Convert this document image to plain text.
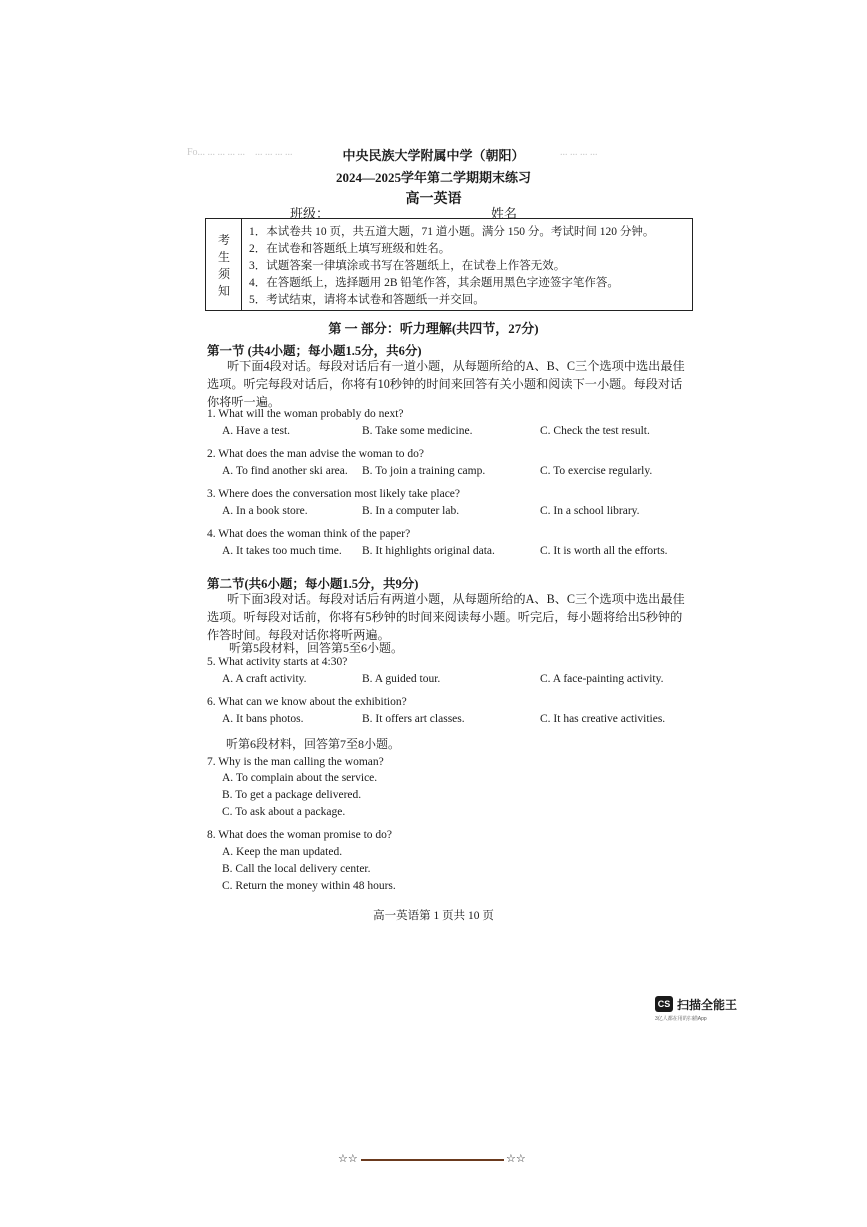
Fo... ... ... ... ...    ... ... ... ...	... ... ... ...
中央民族大学附属中学（朝阳）
2024—2025学年第二学期期末练习
高一英语
班级：	姓名
考
生
须
知
1．本试卷共 10 页，共五道大题，71 道小题。满分 150 分。考试时间 120 分钟。
2．在试卷和答题纸上填写班级和姓名。
3．试题答案一律填涂或书写在答题纸上，在试卷上作答无效。
4．在答题纸上，选择题用 2B 铅笔作答，其余题用黑色字迹签字笔作答。
5．考试结束，请将本试卷和答题纸一并交回。
第 一 部分：听力理解(共四节，27分)
第一节 (共4小题；每小题1.5分，共6分)
听下面4段对话。每段对话后有一道小题，从每题所给的A、B、C三个选项中选出最佳选项。听完每段对话后，你将有10秒钟的时间来回答有关小题和阅读下一小题。每段对话你将听一遍。
1. What will the woman probably do next?
A. Have a test.	B. Take some medicine.	C. Check the test result.
2. What does the man advise the woman to do?
A. To find another ski area. B. To join a training camp.	C. To exercise regularly.
3. Where does the conversation most likely take place?
A. In a book store.	B. In a computer lab.	C. In a school library.
4. What does the woman think of the paper?
A. It takes too much time. B. It highlights original data.	C. It is worth all the efforts.
第二节(共6小题；每小题1.5分，共9分)
听下面3段对话。每段对话后有两道小题，从每题所给的A、B、C三个选项中选出最佳选项。听每段对话前，你将有5秒钟的时间来阅读每小题。听完后，每小题将给出5秒钟的作答时间。每段对话你将听两遍。
听第5段材料，回答第5至6小题。
5. What activity starts at 4:30?
A. A craft activity.	B. A guided tour.	C. A face-painting activity.
6. What can we know about the exhibition?
A. It bans photos.	B. It offers art classes.	C. It has creative activities.
听第6段材料，回答第7至8小题。
7. Why is the man calling the woman?
A. To complain about the service.
B. To get a package delivered.
C. To ask about a package.
8. What does the woman promise to do?
A. Keep the man updated.
B. Call the local delivery center.
C. Return the money within 48 hours.
高一英语第 1 页共 10 页
CS 扫描全能王
3亿人都在用的扫描App
☆☆	☆☆
